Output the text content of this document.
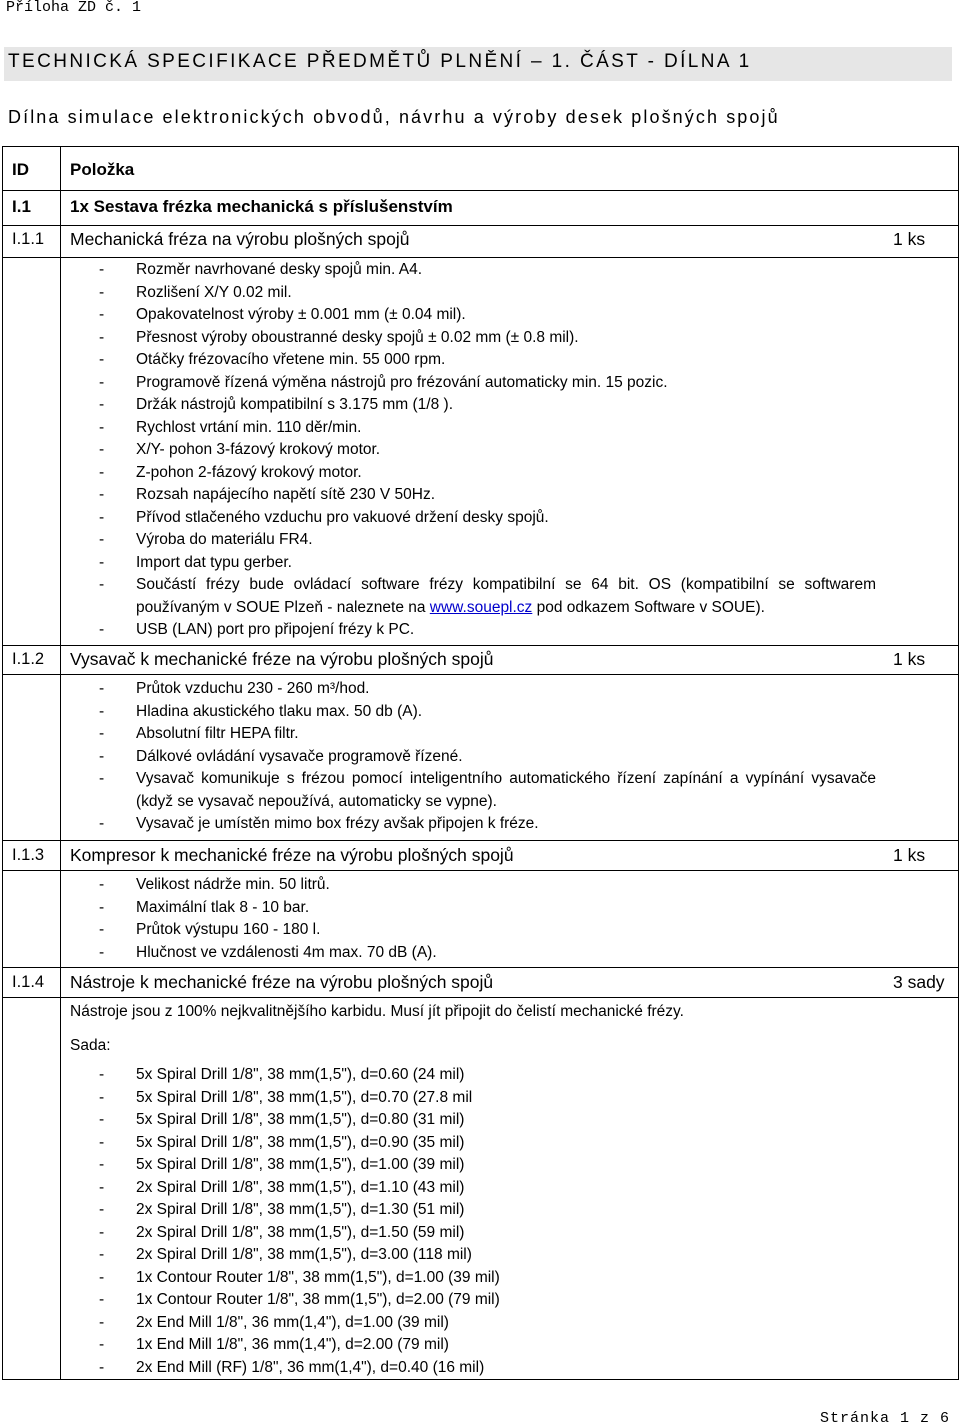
Příloha ZD č. 1
TECHNICKÁ SPECIFIKACE PŘEDMĚTŮ PLNĚNÍ – 1. ČÁST - DÍLNA 1
Dílna simulace elektronických obvodů, návrhu a výroby desek plošných spojů
ID Položka
I.1 1x Sestava frézka mechanická s příslušenstvím
I.1.1 Mechanická fréza na výrobu plošných spojů	1 ks
- Rozměr navrhované desky spojů min. A4.
- Rozlišení X/Y 0.02 mil.
- Opakovatelnost výroby ± 0.001 mm (± 0.04 mil).
- Přesnost výroby oboustranné desky spojů ± 0.02 mm (± 0.8 mil).
- Otáčky frézovacího vřetene min. 55 000 rpm.
- Programově řízená výměna nástrojů pro frézování automaticky min. 15 pozic.
- Držák nástrojů kompatibilní s 3.175 mm (1/8 ).
- Rychlost vrtání min. 110 děr/min.
- X/Y- pohon 3-fázový krokový motor.
- Z-pohon 2-fázový krokový motor.
- Rozsah napájecího napětí sítě 230 V 50Hz.
- Přívod stlačeného vzduchu pro vakuové držení desky spojů.
- Výroba do materiálu FR4.
- Import dat typu gerber.
- Součástí frézy bude ovládací software frézy kompatibilní se 64 bit. OS (kompatibilní se softwarem používaným v SOUE Plzeň - naleznete na www.souepl.cz pod odkazem Software v SOUE).
- USB (LAN) port pro připojení frézy k PC.
I.1.2 Vysavač k mechanické fréze na výrobu plošných spojů	1 ks
- Průtok vzduchu 230 - 260 m³/hod.
- Hladina akustického tlaku max. 50 db (A).
- Absolutní filtr HEPA filtr.
- Dálkové ovládání vysavače programově řízené.
- Vysavač komunikuje s frézou pomocí inteligentního automatického řízení zapínání a vypínání vysavače (když se vysavač nepoužívá, automaticky se vypne).
- Vysavač je umístěn mimo box frézy avšak připojen k fréze.
I.1.3 Kompresor k mechanické fréze na výrobu plošných spojů	1 ks
- Velikost nádrže min. 50 litrů.
- Maximální tlak 8 - 10 bar.
- Průtok výstupu 160 - 180 l.
- Hlučnost ve vzdálenosti 4m max. 70 dB (A).
I.1.4 Nástroje k mechanické fréze na výrobu plošných spojů	3 sady
Nástroje jsou z 100% nejkvalitnějšího karbidu. Musí jít připojit do čelistí mechanické frézy.
Sada:
- 5x Spiral Drill 1/8", 38 mm(1,5"), d=0.60 (24 mil)
- 5x Spiral Drill 1/8", 38 mm(1,5"), d=0.70 (27.8 mil
- 5x Spiral Drill 1/8", 38 mm(1,5"), d=0.80 (31 mil)
- 5x Spiral Drill 1/8", 38 mm(1,5"), d=0.90 (35 mil)
- 5x Spiral Drill 1/8", 38 mm(1,5"), d=1.00 (39 mil)
- 2x Spiral Drill 1/8", 38 mm(1,5"), d=1.10 (43 mil)
- 2x Spiral Drill 1/8", 38 mm(1,5"), d=1.30 (51 mil)
- 2x Spiral Drill 1/8", 38 mm(1,5"), d=1.50 (59 mil)
- 2x Spiral Drill 1/8", 38 mm(1,5"), d=3.00 (118 mil)
- 1x Contour Router 1/8", 38 mm(1,5"), d=1.00 (39 mil)
- 1x Contour Router 1/8", 38 mm(1,5"), d=2.00 (79 mil)
- 2x End Mill 1/8", 36 mm(1,4"), d=1.00 (39 mil)
- 1x End Mill 1/8", 36 mm(1,4"), d=2.00 (79 mil)
- 2x End Mill (RF) 1/8", 36 mm(1,4"), d=0.40 (16 mil)
Stránka 1 z 6
